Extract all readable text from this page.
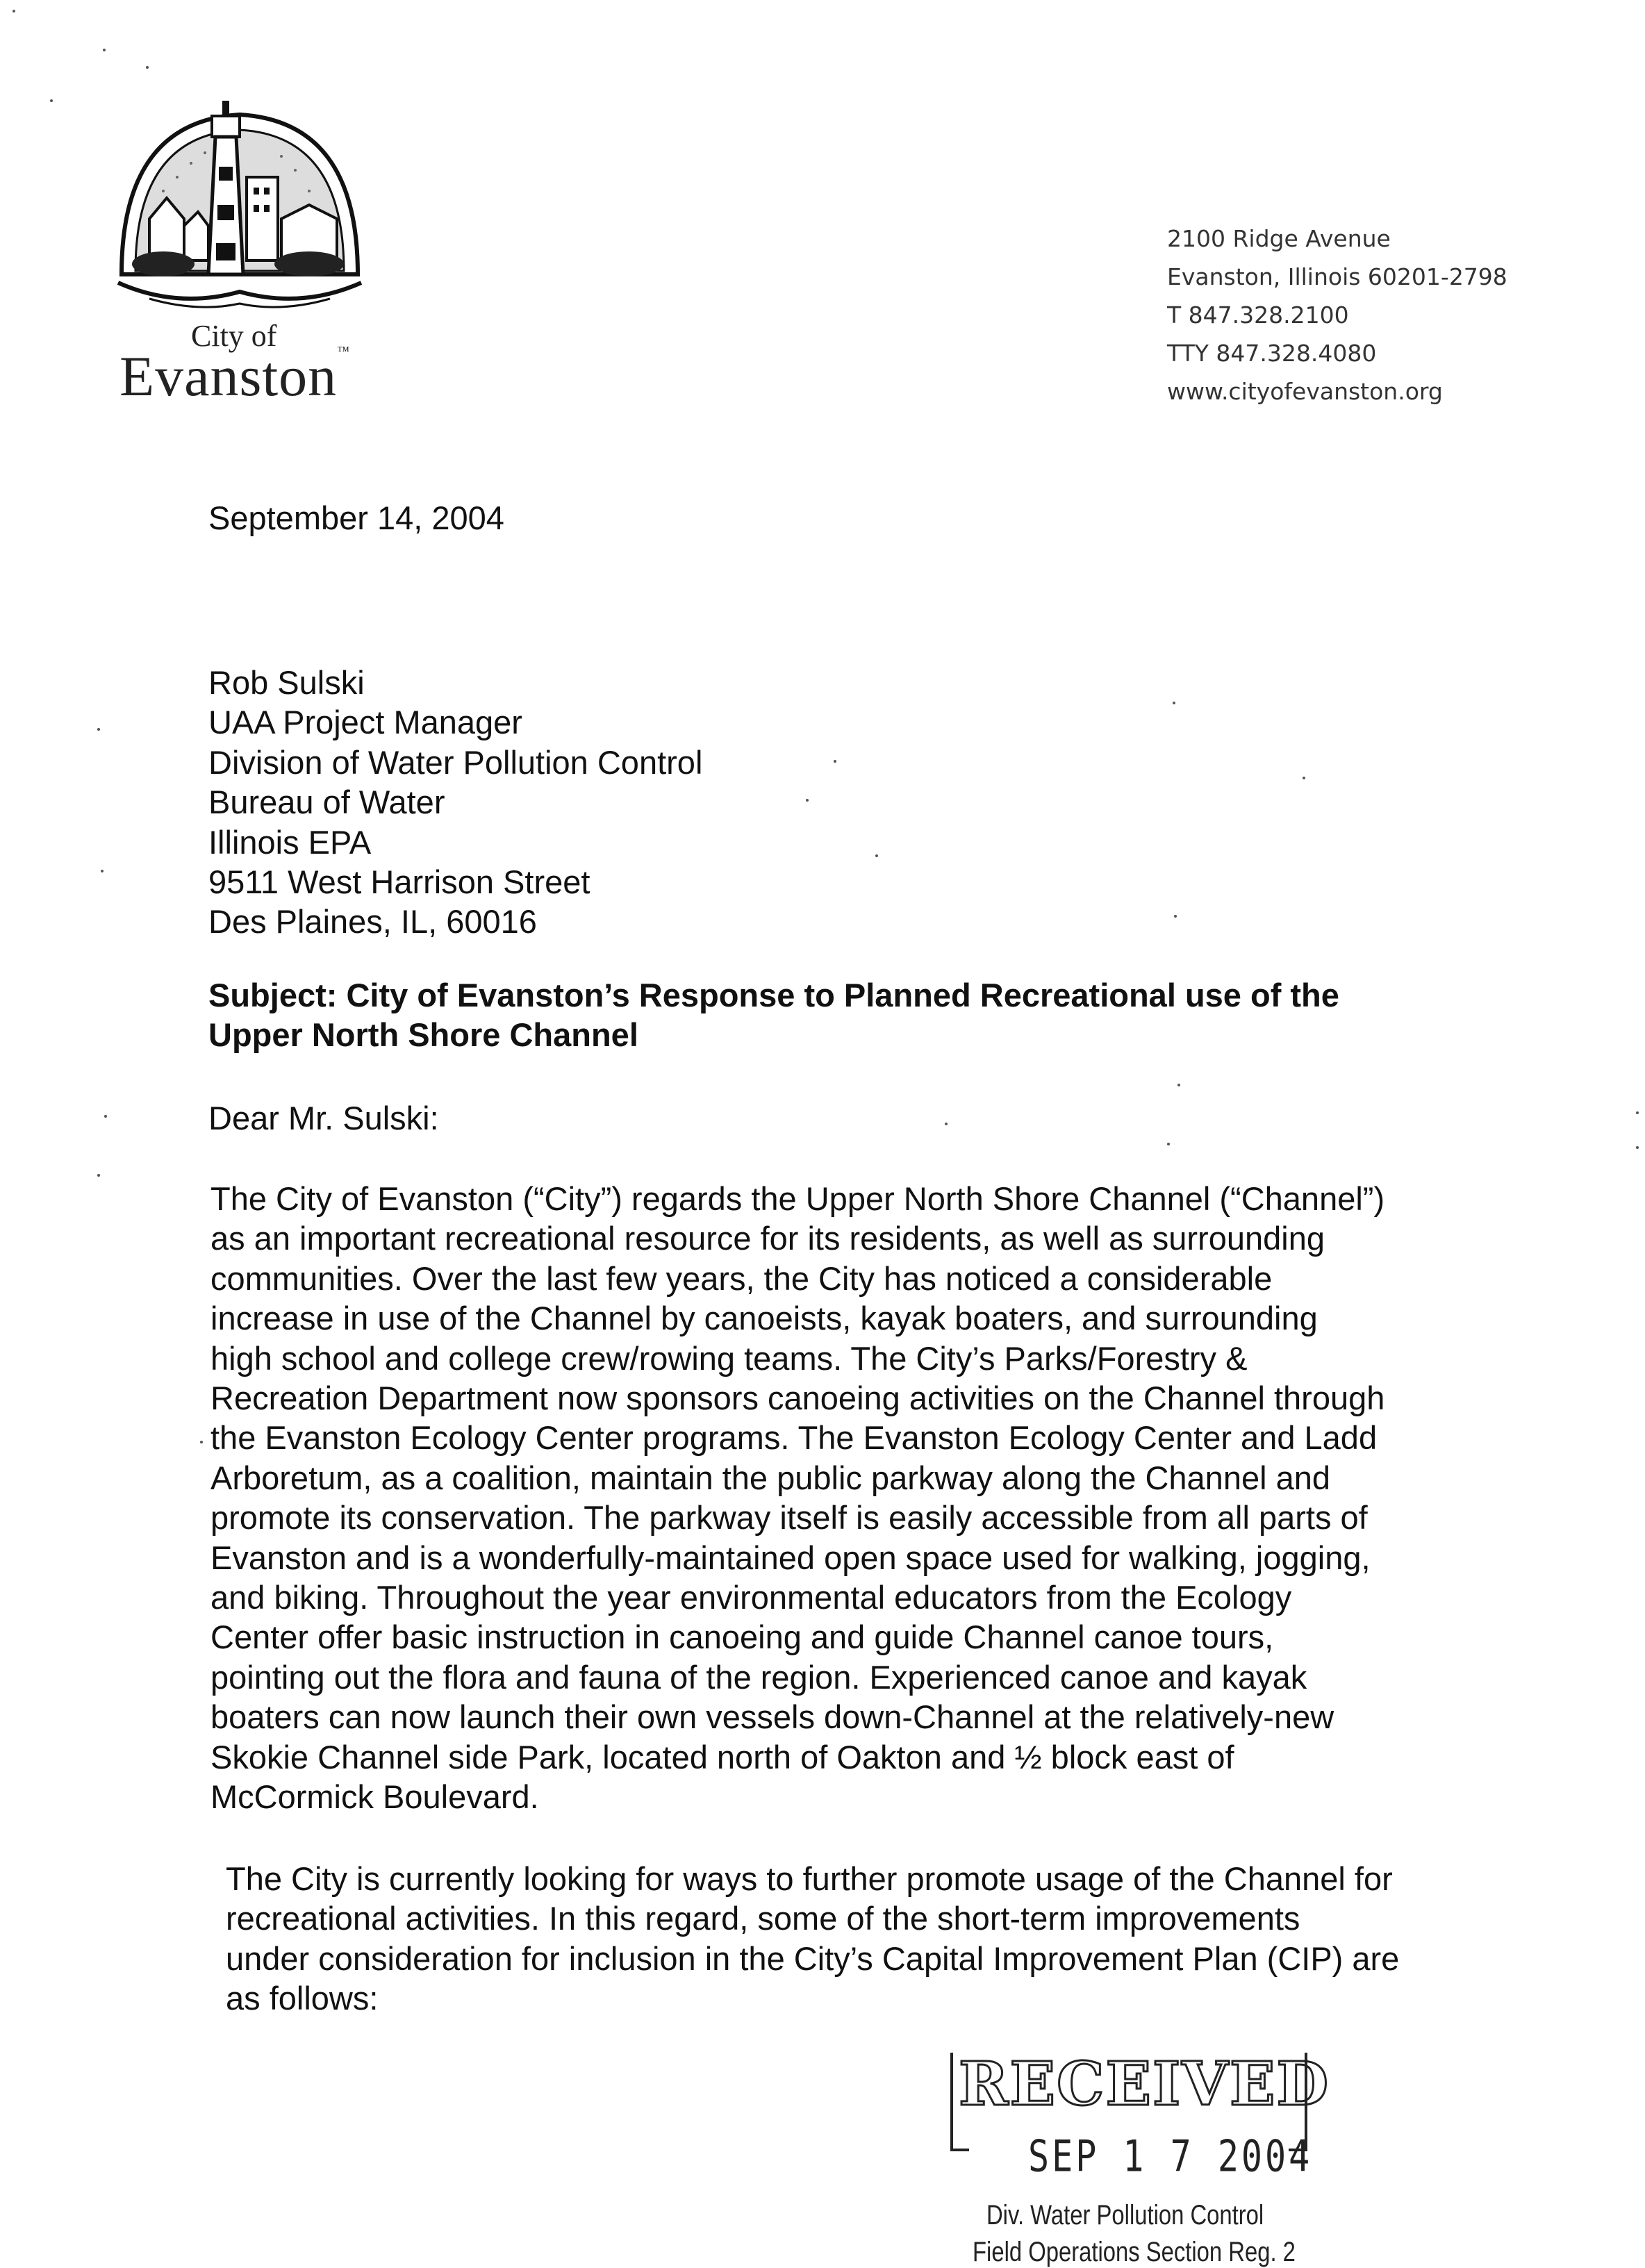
City of
Evanston™
2100 Ridge Avenue
Evanston, Illinois 60201-2798
T 847.328.2100
TTY 847.328.4080
www.cityofevanston.org
September 14, 2004
Rob Sulski
UAA Project Manager
Division of Water Pollution Control
Bureau of Water
Illinois EPA
9511 West Harrison Street
Des Plaines, IL, 60016
Subject: City of Evanston’s Response to Planned Recreational use of the
Upper North Shore Channel
Dear Mr. Sulski:
The City of Evanston (“City”) regards the Upper North Shore Channel (“Channel”)
as an important recreational resource for its residents, as well as surrounding
communities. Over the last few years, the City has noticed a considerable
increase in use of the Channel by canoeists, kayak boaters, and surrounding
high school and college crew/rowing teams. The City’s Parks/Forestry &
Recreation Department now sponsors canoeing activities on the Channel through
the Evanston Ecology Center programs. The Evanston Ecology Center and Ladd
Arboretum, as a coalition, maintain the public parkway along the Channel and
promote its conservation. The parkway itself is easily accessible from all parts of
Evanston and is a wonderfully-maintained open space used for walking, jogging,
and biking. Throughout the year environmental educators from the Ecology
Center offer basic instruction in canoeing and guide Channel canoe tours,
pointing out the flora and fauna of the region. Experienced canoe and kayak
boaters can now launch their own vessels down-Channel at the relatively-new
Skokie Channel side Park, located north of Oakton and ½ block east of
McCormick Boulevard.
The City is currently looking for ways to further promote usage of the Channel for
recreational activities. In this regard, some of the short-term improvements
under consideration for inclusion in the City’s Capital Improvement Plan (CIP) are
as follows:
RECEIVED
SEP 1 7 2004
Div. Water Pollution Control
Field Operations Section Reg. 2
